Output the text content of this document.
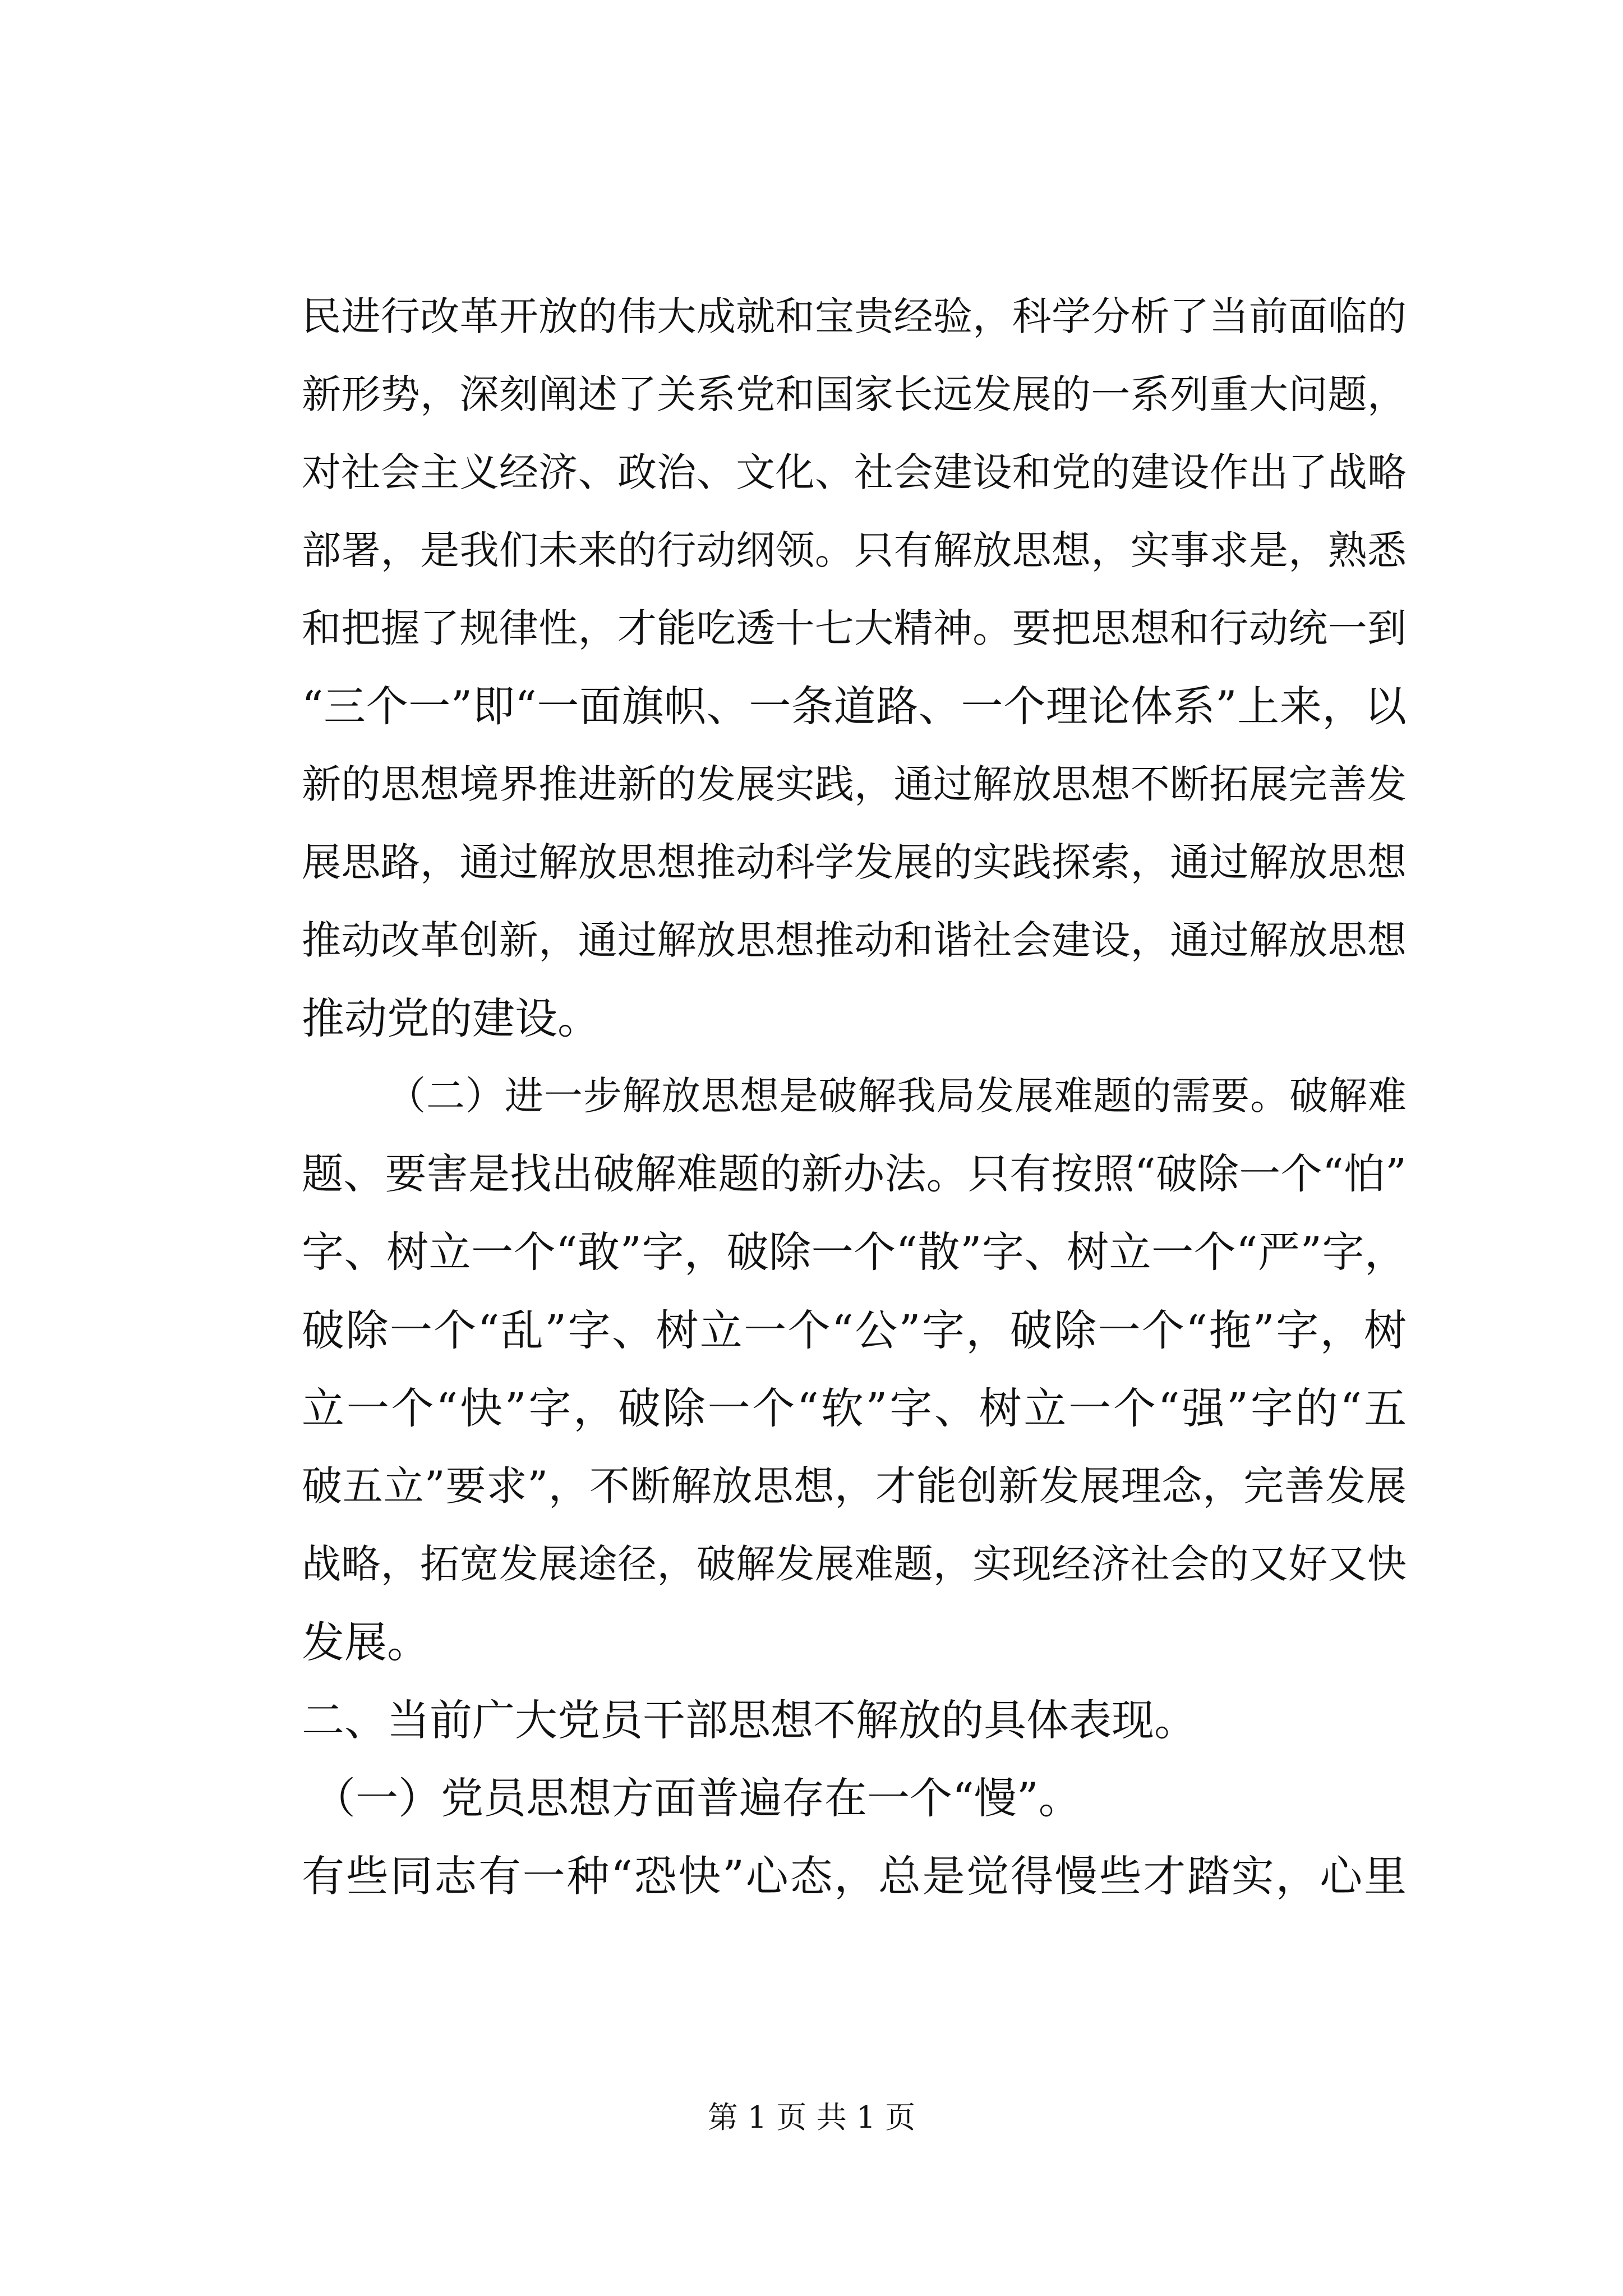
民进行改革开放的伟大成就和宝贵经验，科学分析了当前面临的
新形势，深刻阐述了关系党和国家长远发展的一系列重大问题，
对社会主义经济、政治、文化、社会建设和党的建设作出了战略
部署，是我们未来的行动纲领。只有解放思想，实事求是，熟悉
和把握了规律性，才能吃透十七大精神。要把思想和行动统一到
“三个一”即“一面旗帜、一条道路、一个理论体系”上来，以
新的思想境界推进新的发展实践，通过解放思想不断拓展完善发
展思路，通过解放思想推动科学发展的实践探索，通过解放思想
推动改革创新，通过解放思想推动和谐社会建设，通过解放思想
推动党的建设。
（二）进一步解放思想是破解我局发展难题的需要。破解难
题、要害是找出破解难题的新办法。只有按照“破除一个“怕”
字、树立一个“敢”字，破除一个“散”字、树立一个“严”字，
破除一个“乱”字、树立一个“公”字，破除一个“拖”字，树
立一个“快”字，破除一个“软”字、树立一个“强”字的“五
破五立”要求”，不断解放思想，才能创新发展理念，完善发展
战略，拓宽发展途径，破解发展难题，实现经济社会的又好又快
发展。
二、当前广大党员干部思想不解放的具体表现。
（一）党员思想方面普遍存在一个“慢”。
有些同志有一种“恐快”心态，总是觉得慢些才踏实，心里
第 1 页 共 1 页
